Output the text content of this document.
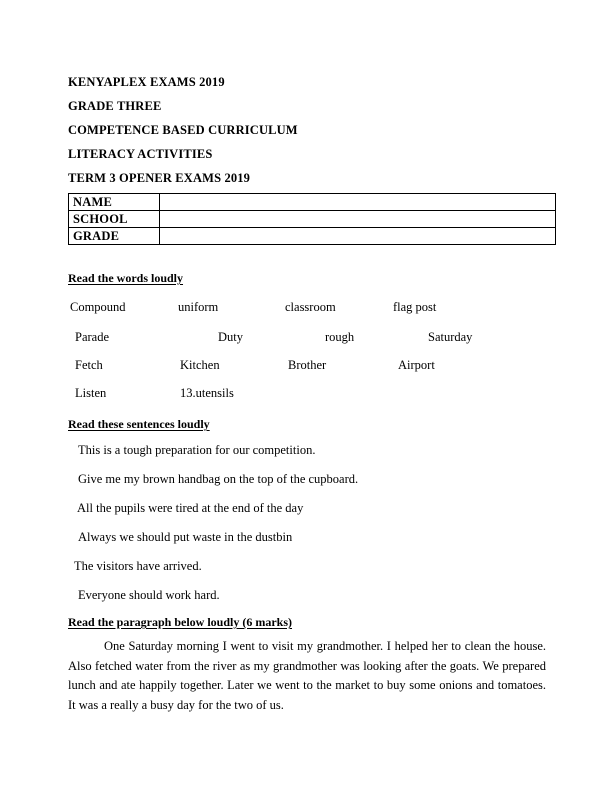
KENYAPLEX EXAMS 2019
GRADE THREE
COMPETENCE BASED CURRICULUM
LITERACY ACTIVITIES
TERM 3 OPENER EXAMS 2019
NAME	
SCHOOL	
GRADE	
Read the words loudly
Compound	uniform	classroom	flag post
Parade	Duty	rough	Saturday
Fetch	Kitchen	Brother	Airport
Listen	13.utensils
Read these sentences loudly
This is a tough preparation for our competition.
Give me my brown handbag on the top of the cupboard.
All the pupils were tired at the end of the day
Always we should put waste in the dustbin
The visitors have arrived.
Everyone should work hard.
Read the paragraph below loudly (6 marks)
One Saturday morning I went to visit my grandmother. I helped her to clean the house. Also fetched water from the river as my grandmother was looking after the goats. We prepared lunch and ate happily together. Later we went to the market to buy some onions and tomatoes. It was a really a busy day for the two of us.
